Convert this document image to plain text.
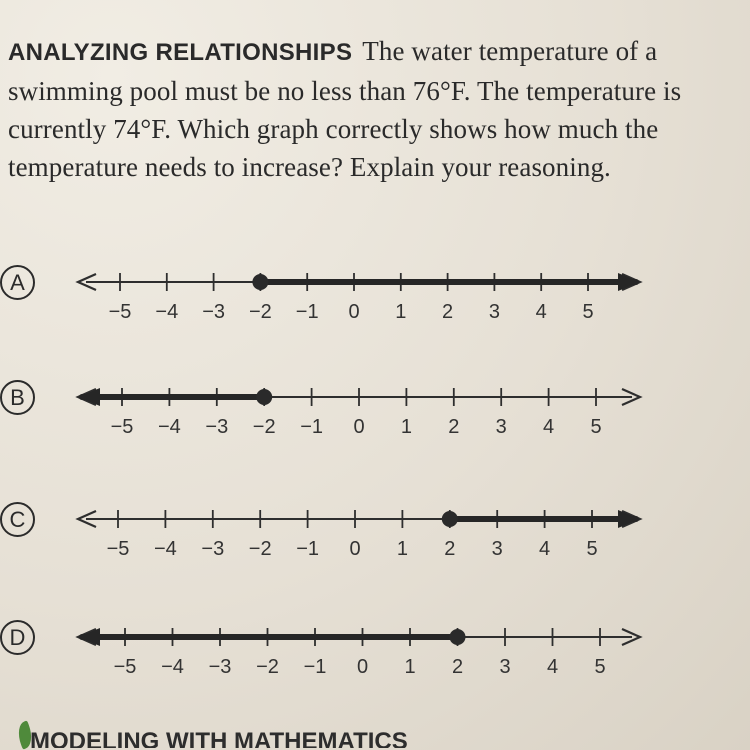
ANALYZING RELATIONSHIPS The water temperature of a swimming pool must be no less than 76°F. The temperature is currently 74°F. Which graph correctly shows how much the temperature needs to increase? Explain your reasoning.
A
−5 −4 −3 −2 −1 0 1 2 3 4 5
B
−5 −4 −3 −2 −1 0 1 2 3 4 5
C
−5 −4 −3 −2 −1 0 1 2 3 4 5
D
−5 −4 −3 −2 −1 0 1 2 3 4 5
MODELING WITH MATHEMATICS
